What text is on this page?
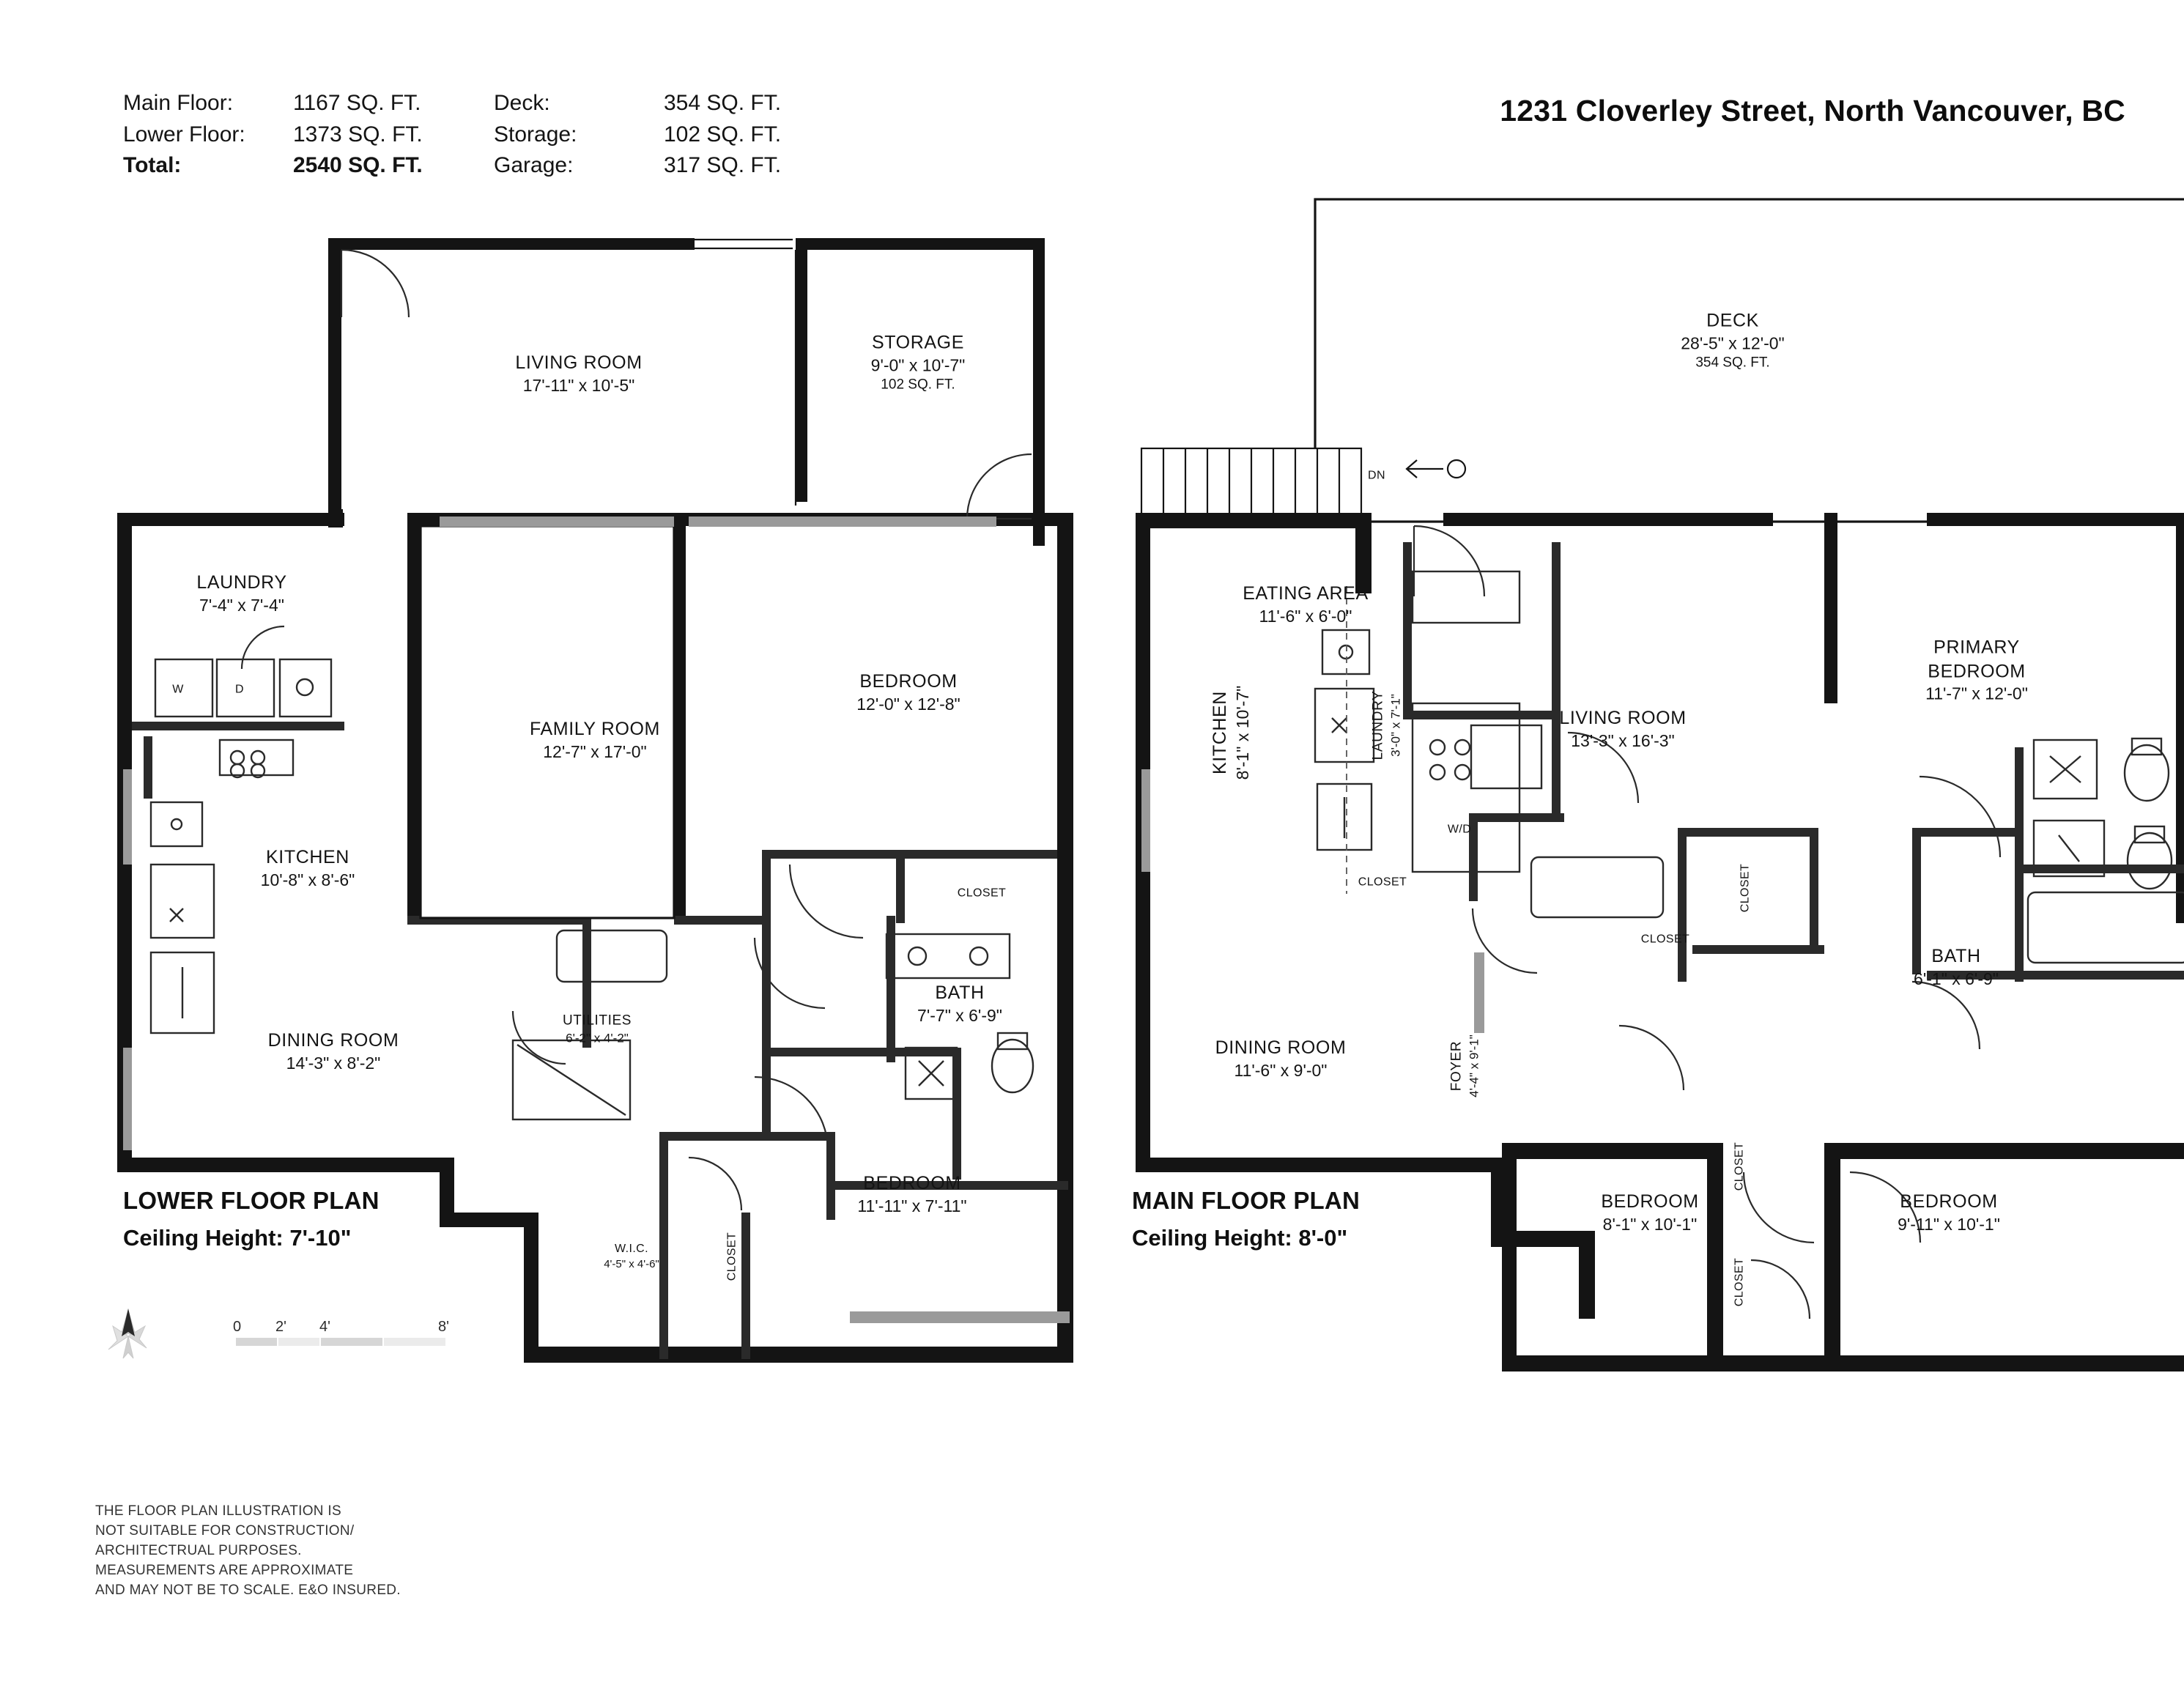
Main Floor:	1167 SQ. FT.	Deck:	354 SQ. FT.
Lower Floor:	1373 SQ. FT.	Storage:	102 SQ. FT.
Total:	2540 SQ. FT.	Garage:	317 SQ. FT.
1231 Cloverley Street, North Vancouver, BC
LIVING ROOM
17'-11" x 10'-5"
STORAGE
9'-0" x 10'-7"
102 SQ. FT.
LAUNDRY
7'-4" x 7'-4"
FAMILY ROOM
12'-7" x 17'-0"
BEDROOM
12'-0" x 12'-8"
KITCHEN
10'-8" x 8'-6"
DINING ROOM
14'-3" x 8'-2"
UTILITIES
6'-2" x 4'-2"
BATH
7'-7" x 6'-9"
BEDROOM
11'-11" x 7'-11"
W.I.C.
4'-5" x 4'-6"	CLOSET
CLOSET
W	D
LOWER FLOOR PLAN
Ceiling Height: 7'-10"
DECK
28'-5" x 12'-0"
354 SQ. FT.
EATING AREA
11'-6" x 6'-0"
LIVING ROOM
13'-3" x 16'-3"
PRIMARY
BEDROOM
11'-7" x 12'-0"
KITCHEN 8'-1" x 10'-7"	LAUNDRY 3'-0" x 7'-1"
DINING ROOM
11'-6" x 9'-0"	FOYER 4'-4" x 9'-1"
BATH
6'-1" x 6'-9"
BEDROOM
8'-1" x 10'-1"
BEDROOM
9'-11" x 10'-1"
CLOSET
CLOSET
CLOSET
CLOSET
CLOSET
W/D
DN
MAIN FLOOR PLAN
Ceiling Height: 8'-0"
0 2' 4'	8'
THE FLOOR PLAN ILLUSTRATION IS
NOT SUITABLE FOR CONSTRUCTION/
ARCHITECTRUAL PURPOSES.
MEASUREMENTS ARE APPROXIMATE
AND MAY NOT BE TO SCALE. E&O INSURED.
